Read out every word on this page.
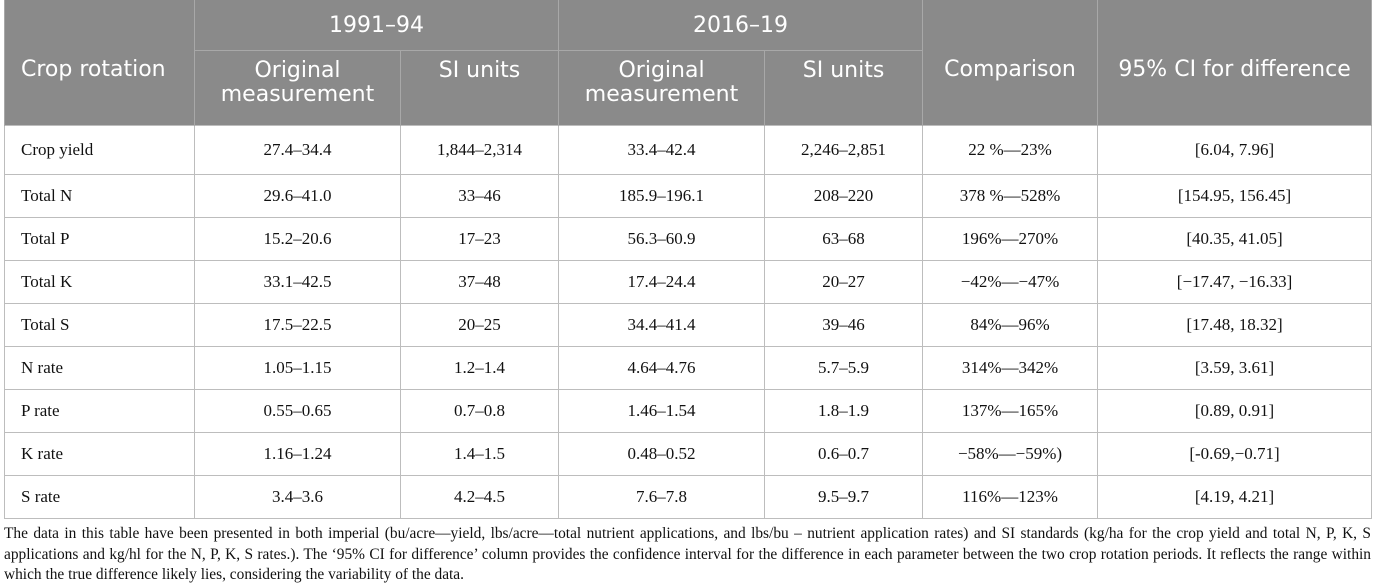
Crop rotation	1991–94		2016–19		Comparison	95% CI for difference
	Original measurement	SI units	Original measurement	SI units		
Crop yield	27.4–34.4	1,844–2,314	33.4–42.4	2,246–2,851	22 %—23%	[6.04, 7.96]
Total N	29.6–41.0	33–46	185.9–196.1	208–220	378 %—528%	[154.95, 156.45]
Total P	15.2–20.6	17–23	56.3–60.9	63–68	196%—270%	[40.35, 41.05]
Total K	33.1–42.5	37–48	17.4–24.4	20–27	−42%—−47%	[−17.47, −16.33]
Total S	17.5–22.5	20–25	34.4–41.4	39–46	84%—96%	[17.48, 18.32]
N rate	1.05–1.15	1.2–1.4	4.64–4.76	5.7–5.9	314%—342%	[3.59, 3.61]
P rate	0.55–0.65	0.7–0.8	1.46–1.54	1.8–1.9	137%—165%	[0.89, 0.91]
K rate	1.16–1.24	1.4–1.5	0.48–0.52	0.6–0.7	−58%—−59%)	[-0.69,−0.71]
S rate	3.4–3.6	4.2–4.5	7.6–7.8	9.5–9.7	116%—123%	[4.19, 4.21]

The data in this table have been presented in both imperial (bu/acre—yield, lbs/acre—total nutrient applications, and lbs/bu – nutrient application rates) and SI standards (kg/ha for the crop yield and total N, P, K, S applications and kg/hl for the N, P, K, S rates.). The ‘95% CI for difference’ column provides the confidence interval for the difference in each parameter between the two crop rotation periods. It reflects the range within which the true difference likely lies, considering the variability of the data.
